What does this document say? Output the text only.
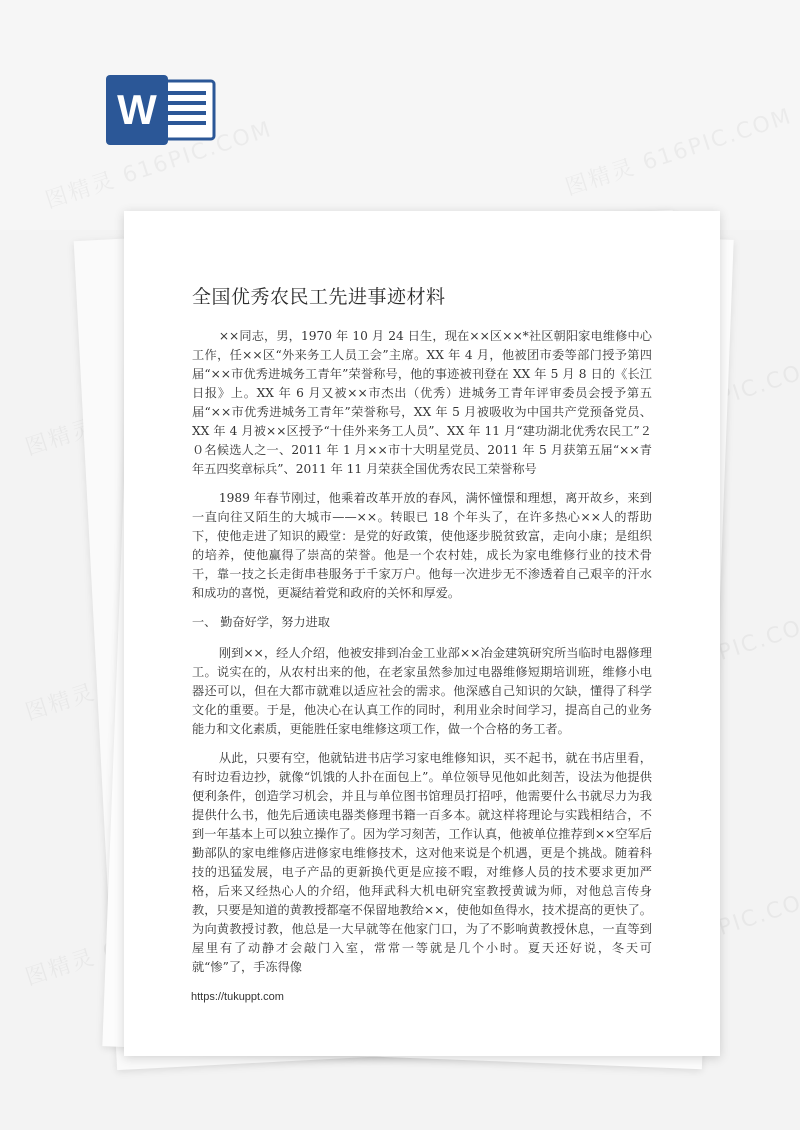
W
全国优秀农民工先进事迹材料

××同志，男，1970 年 10 月 24 日生，现在××区××*社区朝阳家电维修中心工作，任××区“外来务工人员工会”主席。XX 年 4 月，他被团市委等部门授予第四届“××市优秀进城务工青年”荣誉称号，他的事迹被刊登在 XX 年 5 月 8 日的《长江日报》上。XX 年 6 月又被××市杰出（优秀）进城务工青年评审委员会授予第五届“××市优秀进城务工青年”荣誉称号，XX 年 5 月被吸收为中国共产党预备党员、XX 年 4 月被××区授予“十佳外来务工人员”、XX 年 11 月“建功湖北优秀农民工”２０名候选人之一、2011 年 1 月××市十大明星党员、2011 年 5 月获第五届“××青年五四奖章标兵”、2011 年 11 月荣获全国优秀农民工荣誉称号

1989 年春节刚过，他乘着改革开放的春风，满怀憧憬和理想，离开故乡，来到一直向往又陌生的大城市——××。转眼已 18 个年头了，在许多热心××人的帮助下，使他走进了知识的殿堂：是党的好政策，使他逐步脱贫致富，走向小康；是组织的培养，使他赢得了崇高的荣誉。他是一个农村娃，成长为家电维修行业的技术骨干，靠一技之长走街串巷服务于千家万户。他每一次进步无不渗透着自己艰辛的汗水和成功的喜悦，更凝结着党和政府的关怀和厚爱。

一、 勤奋好学，努力进取

刚到××，经人介绍，他被安排到冶金工业部××冶金建筑研究所当临时电器修理工。说实在的，从农村出来的他，在老家虽然参加过电器维修短期培训班，维修小电器还可以，但在大都市就难以适应社会的需求。他深感自己知识的欠缺，懂得了科学文化的重要。于是，他决心在认真工作的同时，利用业余时间学习，提高自己的业务能力和文化素质，更能胜任家电维修这项工作，做一个合格的务工者。

从此，只要有空，他就钻进书店学习家电维修知识，买不起书，就在书店里看，有时边看边抄，就像“饥饿的人扑在面包上”。单位领导见他如此刻苦，设法为他提供便利条件，创造学习机会，并且与单位图书馆理员打招呼，他需要什么书就尽力为我提供什么书，他先后通读电器类修理书籍一百多本。就这样将理论与实践相结合，不到一年基本上可以独立操作了。因为学习刻苦，工作认真，他被单位推荐到××空军后勤部队的家电维修店进修家电维修技术，这对他来说是个机遇，更是个挑战。随着科技的迅猛发展，电子产品的更新换代更是应接不暇，对维修人员的技术要求更加严格，后来又经热心人的介绍，他拜武科大机电研究室教授黄诚为师，对他总言传身教，只要是知道的黄教授都毫不保留地教给××，使他如鱼得水，技术提高的更快了。为向黄教授讨教，他总是一大早就等在他家门口，为了不影响黄教授休息，一直等到屋里有了动静才会敲门入室，常常一等就是几个小时。夏天还好说，冬天可就“惨”了，手冻得像

https://tukuppt.com
